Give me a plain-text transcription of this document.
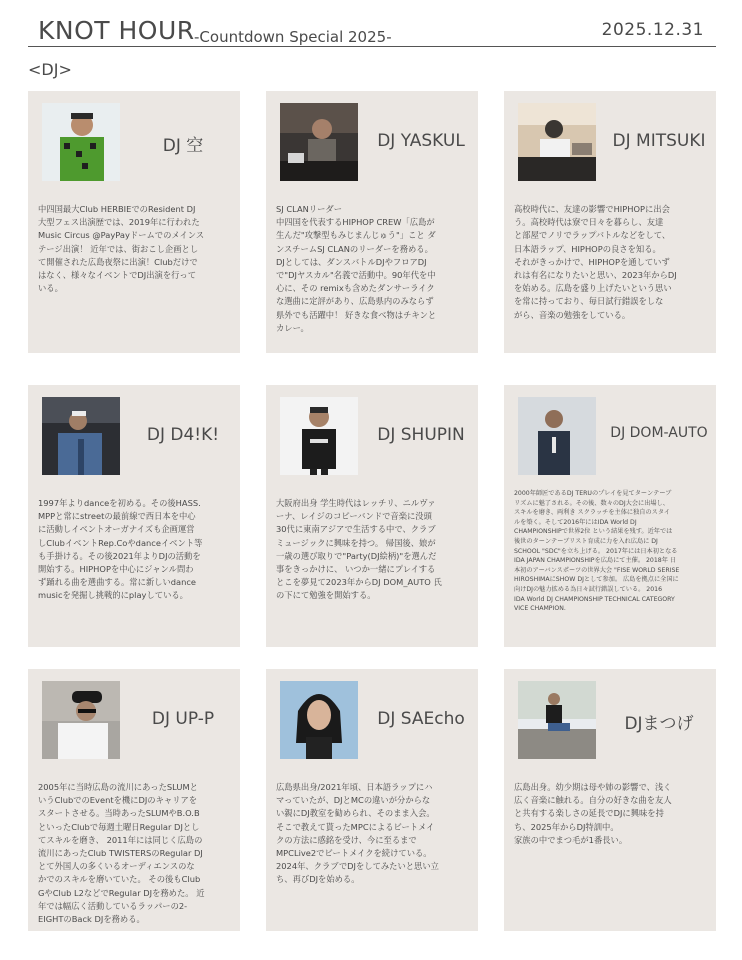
KNOT HOUR -Countdown Special 2025-	2025.12.31
<DJ>
DJ 空
中四国最大Club HERBIEでのResident DJ
大型フェス出演歴では、2019年に行われた
Music Circus @PayPayドームでのメインス
テージ出演！ 近年では、街おこし企画とし
て開催された広島夜祭に出演！Clubだけで
はなく、様々なイベントでDJ出演を行って
いる。
DJ YASKUL
SJ CLANリーダー
中四国を代表するHIPHOP CREW「広島が
生んだ"攻撃型もみじまんじゅう"」こと ダ
ンスチームSJ CLANのリーダーを務める。
DJとしては、ダンスバトルDJやフロアDJ
で"DJヤスカル"名義で活動中。90年代を中
心に、その remixも含めたダンサーライク
な選曲に定評があり、広島県内のみならず
県外でも活躍中！ 好きな食べ物はチキンと
カレー。
DJ MITSUKI
高校時代に、友達の影響でHIPHOPに出会
う。高校時代は寮で日々を暮らし、友達
と部屋でノリでラップバトルなどをして、
日本語ラップ、HIPHOPの良さを知る。
それがきっかけで、HIPHOPを通していず
れは有名になりたいと思い、2023年からDJ
を始める。広島を盛り上げたいという思い
を常に持っており、毎日試行錯誤をしな
がら、音楽の勉強をしている。
DJ D4!K!
1997年よりdanceを初める。その後HASS.
MPPと常にstreetの最前線で西日本を中心
に活動しイベントオーガナイズも企画運営
しClubイベントRep.Coやdanceイベント等
も手掛ける。その後2021年よりDJの活動を
開始する。HIPHOPを中心にジャンル問わ
ず踊れる曲を選曲する。常に新しいdance
musicを発掘し挑戦的にplayしている。
DJ SHUPIN
大阪府出身 学生時代はレッチリ、ニルヴァ
ーナ、レイジのコピーバンドで音楽に没頭
30代に東南アジアで生活する中で、クラブ
ミュージックに興味を持つ。 帰国後、娘が
一歳の選び取りで"Party(DJ絵柄)"を選んだ
事をきっかけに、 いつか一緒にプレイする
とこを夢見て2023年からDJ DOM_AUTO 氏
の下にて勉強を開始する。
DJ DOM-AUTO
2000年師匠であるDJ TERUのプレイを見てターンテーブ
リズムに魅了される。その後、数々のDJ大会に出場し、
スキルを磨き、両利き スクラッチを主体に独自のスタイ
ルを築く。そして2016年にはIDA World DJ
CHAMPIONSHIPで世界2位 という結果を残す。近年では
後世のターンテーブリスト育成に力を入れ広島に DJ
SCHOOL "SDC"を立ち上げる。 2017年には日本初となる
IDA JAPAN CHAMPIONSHIPを広島にて主催。 2018年 日
本初のアーバンスポーツの世界大会 "FISE WORLD SERISE
HIROSHIMAにSHOW DJとして参加。 広島を拠点に全国に
向けDJの魅力拡める為日々試行錯誤している。 2016
IDA World DJ CHAMPIONSHIP TECHNICAL CATEGORY
VICE CHAMPION.
DJ UP-P
2005年に当時広島の流川にあったSLUMと
いうClubでのEventを機にDJのキャリアを
スタートさせる。当時あったSLUMやB.O.B
といったClubで毎週土曜日Regular DJとし
てスキルを磨き、 2011年には同じく広島の
流川にあったClub TWISTERSのRegular DJ
とて外国人の多くいるオーディエンスのな
かでのスキルを磨いていた。 その後もClub
GやClub L2などでRegular DJを務めた。 近
年では幅広く活動しているラッパーの2-
EIGHTのBack DJを務める。
DJ SAEcho
広島県出身/2021年頃、日本語ラップにハ
マっていたが、DJとMCの違いが分からな
い親にDJ教室を勧められ、そのまま入会。
そこで教えて貰ったMPCによるビートメイ
クの方法に感銘を受け、今に至るまで
MPCLive2でビートメイクを続けている。
2024年、クラブでDJをしてみたいと思い立
ち、再びDJを始める。
DJまつげ
広島出身。幼少期は母や姉の影響で、浅く
広く音楽に触れる。自分の好きな曲を友人
と共有する楽しさの延長でDJに興味を持
ち、2025年からDJ特訓中。
家族の中でまつ毛が1番長い。
